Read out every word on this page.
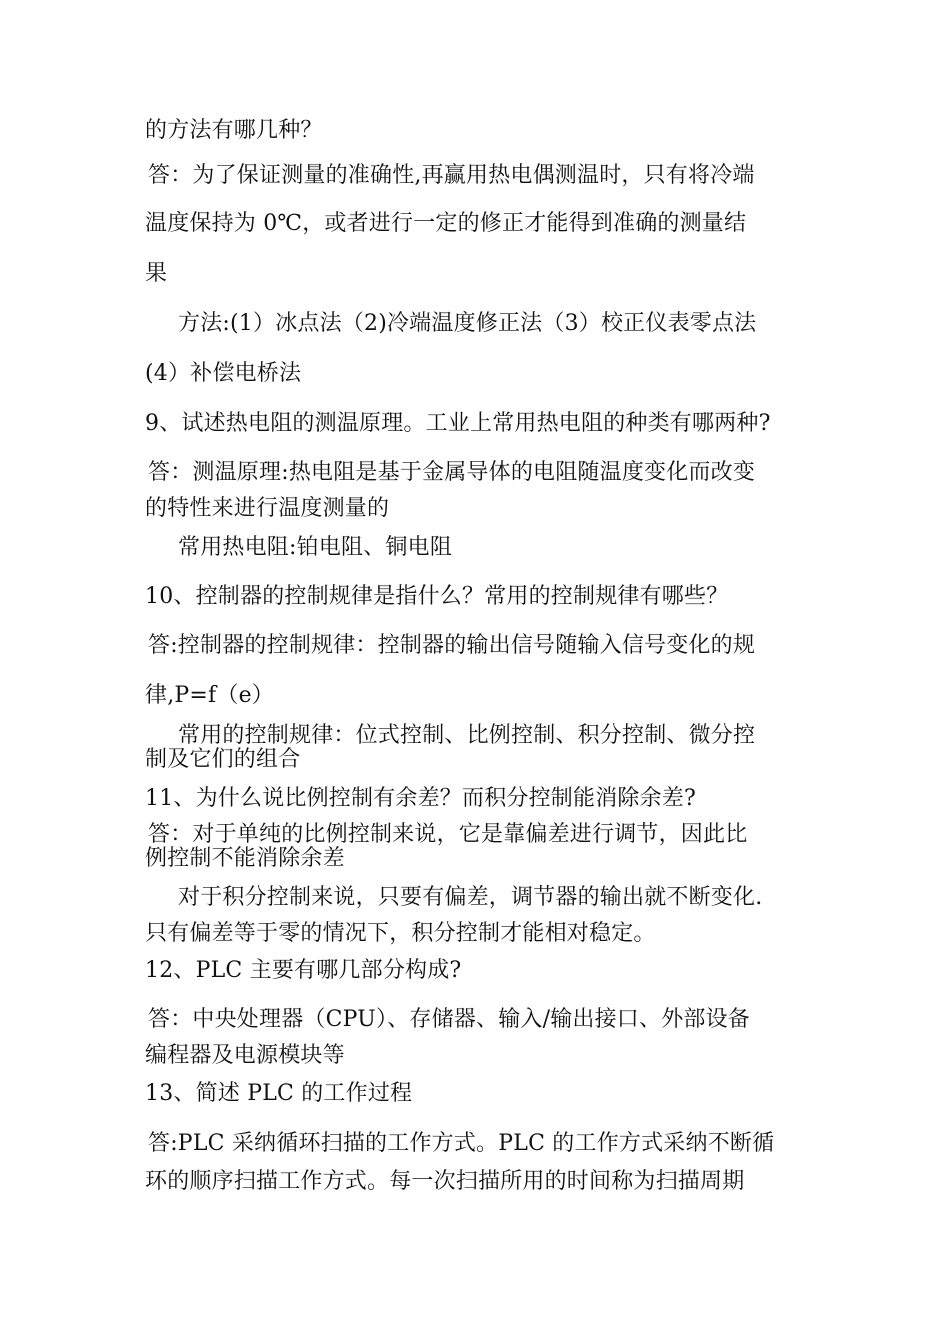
的方法有哪几种？
答：为了保证测量的准确性,再赢用热电偶测温时，只有将冷端
温度保持为 0℃，或者进行一定的修正才能得到准确的测量结
果
方法:(1）冰点法（2)冷端温度修正法（3）校正仪表零点法
(4）补偿电桥法
9、试述热电阻的测温原理。工业上常用热电阻的种类有哪两种?
答：测温原理:热电阻是基于金属导体的电阻随温度变化而改变
的特性来进行温度测量的
常用热电阻:铂电阻、铜电阻
10、控制器的控制规律是指什么？常用的控制规律有哪些？
答:控制器的控制规律：控制器的输出信号随输入信号变化的规
律,P=f（e）
常用的控制规律：位式控制、比例控制、积分控制、微分控
制及它们的组合
11、为什么说比例控制有余差？而积分控制能消除余差?
答：对于单纯的比例控制来说，它是靠偏差进行调节，因此比
例控制不能消除余差
对于积分控制来说，只要有偏差，调节器的输出就不断变化.
只有偏差等于零的情况下，积分控制才能相对稳定。
12、PLC 主要有哪几部分构成?
答：中央处理器（CPU）、存储器、输入/输出接口、外部设备
编程器及电源模块等
13、简述 PLC 的工作过程
答:PLC 采纳循环扫描的工作方式。PLC 的工作方式采纳不断循
环的顺序扫描工作方式。每一次扫描所用的时间称为扫描周期
